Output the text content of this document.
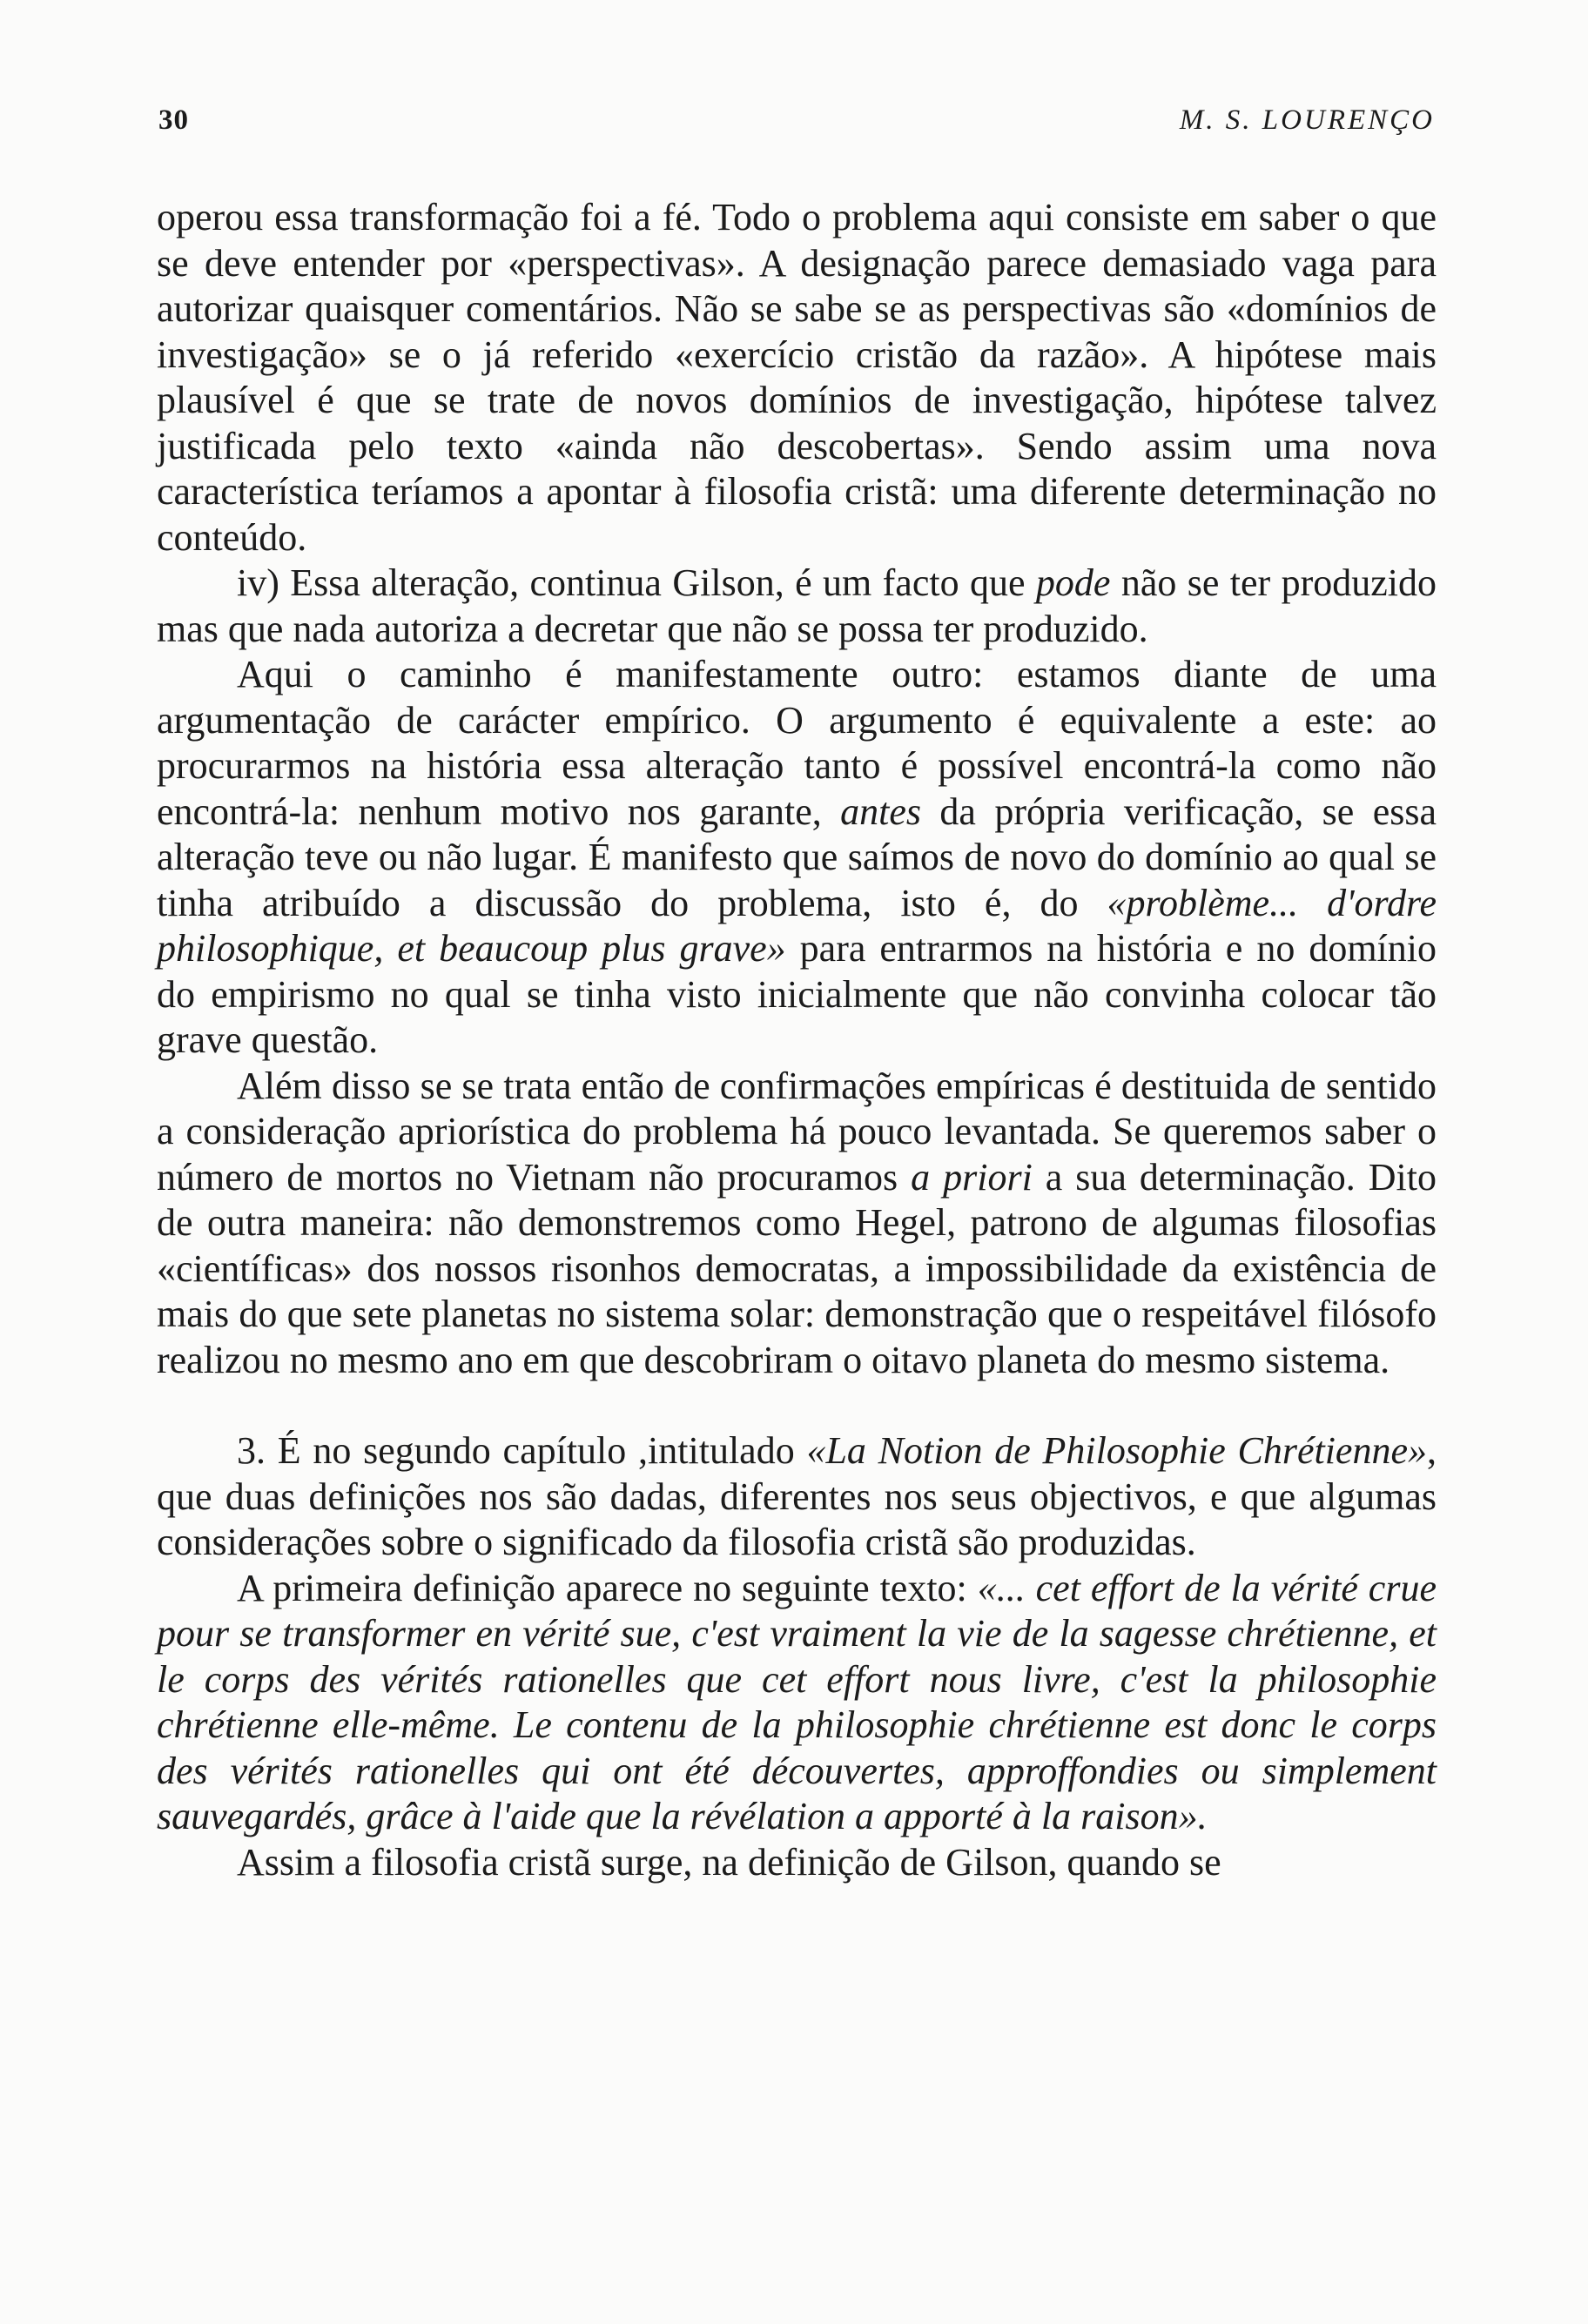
30	M. S. LOURENÇO

operou essa transformação foi a fé. Todo o problema aqui consiste em saber o que se deve entender por «perspectivas». A designação parece demasiado vaga para autorizar quaisquer comentários. Não se sabe se as perspectivas são «domínios de investigação» se o já referido «exercício cristão da razão». A hipótese mais plausível é que se trate de novos domínios de investigação, hipótese talvez justificada pelo texto «ainda não descobertas». Sendo assim uma nova característica teríamos a apontar à filosofia cristã: uma diferente determinação no conteúdo.

iv) Essa alteração, continua Gilson, é um facto que pode não se ter produzido mas que nada autoriza a decretar que não se possa ter produzido.

Aqui o caminho é manifestamente outro: estamos diante de uma argumentação de carácter empírico. O argumento é equivalente a este: ao procurarmos na história essa alteração tanto é possível encontrá-la como não encontrá-la: nenhum motivo nos garante, antes da própria verificação, se essa alteração teve ou não lugar. É manifesto que saímos de novo do domínio ao qual se tinha atribuído a discussão do problema, isto é, do «problème... d'ordre philosophique, et beaucoup plus grave» para entrarmos na história e no domínio do empirismo no qual se tinha visto inicialmente que não convinha colocar tão grave questão.

Além disso se se trata então de confirmações empíricas é destituida de sentido a consideração apriorística do problema há pouco levantada. Se queremos saber o número de mortos no Vietnam não procuramos a priori a sua determinação. Dito de outra maneira: não demonstremos como Hegel, patrono de algumas filosofias «científicas» dos nossos risonhos democratas, a impossibilidade da existência de mais do que sete planetas no sistema solar: demonstração que o respeitável filósofo realizou no mesmo ano em que descobriram o oitavo planeta do mesmo sistema.

3. É no segundo capítulo ,intitulado «La Notion de Philosophie Chrétienne», que duas definições nos são dadas, diferentes nos seus objectivos, e que algumas considerações sobre o significado da filosofia cristã são produzidas.

A primeira definição aparece no seguinte texto: «... cet effort de la vérité crue pour se transformer en vérité sue, c'est vraiment la vie de la sagesse chrétienne, et le corps des vérités rationelles que cet effort nous livre, c'est la philosophie chrétienne elle-même. Le contenu de la philosophie chrétienne est donc le corps des vérités rationelles qui ont été découvertes, approffondies ou simplement sauvegardés, grâce à l'aide que la révélation a apporté à la raison».

Assim a filosofia cristã surge, na definição de Gilson, quando se
